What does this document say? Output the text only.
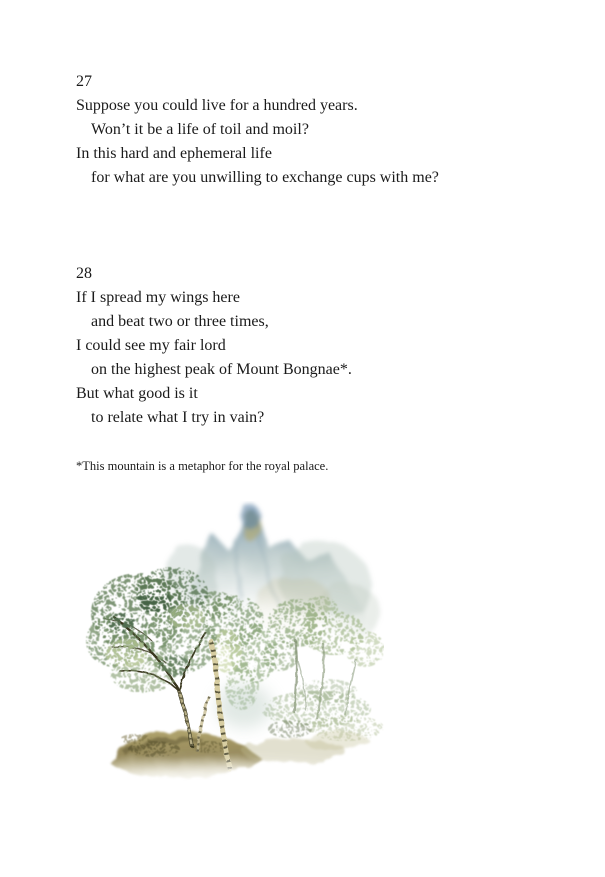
27
Suppose you could live for a hundred years.
Won’t it be a life of toil and moil?
In this hard and ephemeral life
for what are you unwilling to exchange cups with me?
28
If I spread my wings here
and beat two or three times,
I could see my fair lord
on the highest peak of Mount Bongnae*.
But what good is it
to relate what I try in vain?
*This mountain is a metaphor for the royal palace.
